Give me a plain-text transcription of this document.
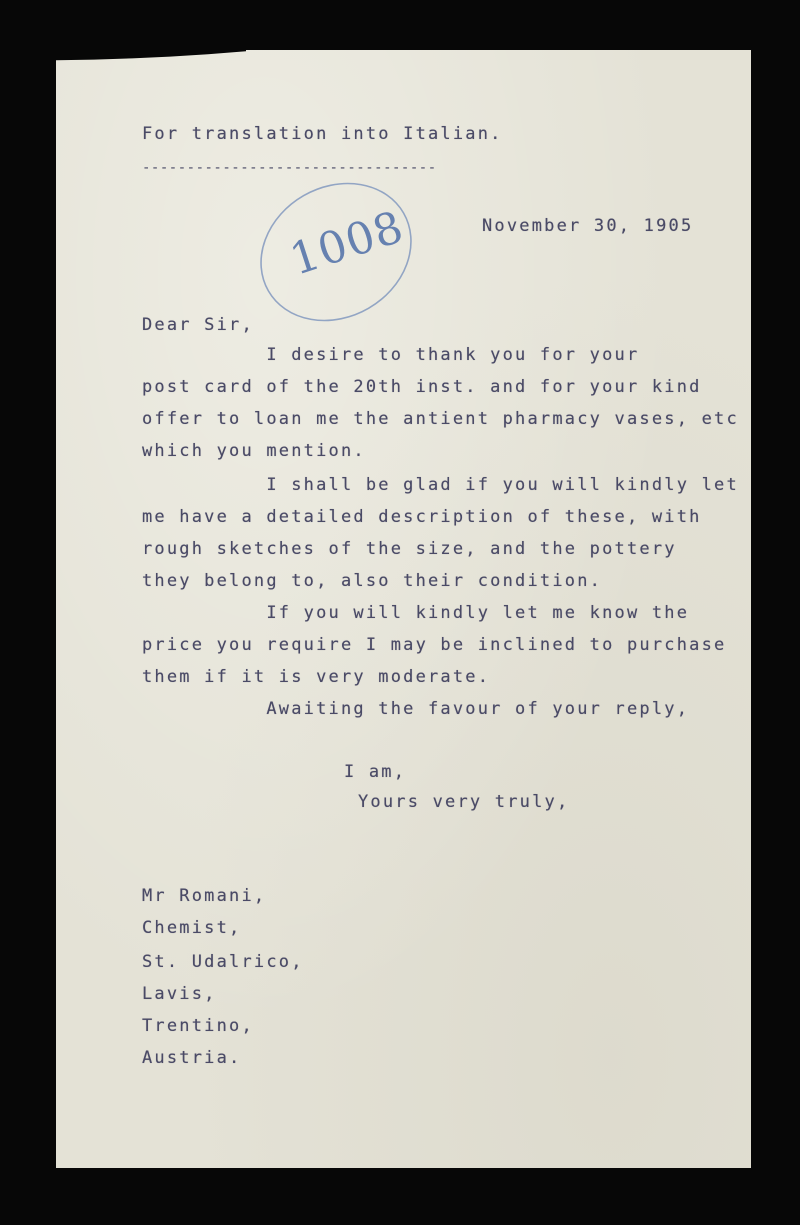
For translation into Italian.
---------------------------------
1008	November 30, 1905
Dear Sir,
I desire to thank you for your
post card of the 20th inst. and for your kind
offer to loan me the antient pharmacy vases, etc
which you mention.
I shall be glad if you will kindly let
me have a detailed description of these, with
rough sketches of the size, and the pottery
they belong to, also their condition.
If you will kindly let me know the
price you require I may be inclined to purchase
them if it is very moderate.
Awaiting the favour of your reply,
I am,
Yours very truly,
Mr Romani,
Chemist,
St. Udalrico,
Lavis,
Trentino,
Austria.
